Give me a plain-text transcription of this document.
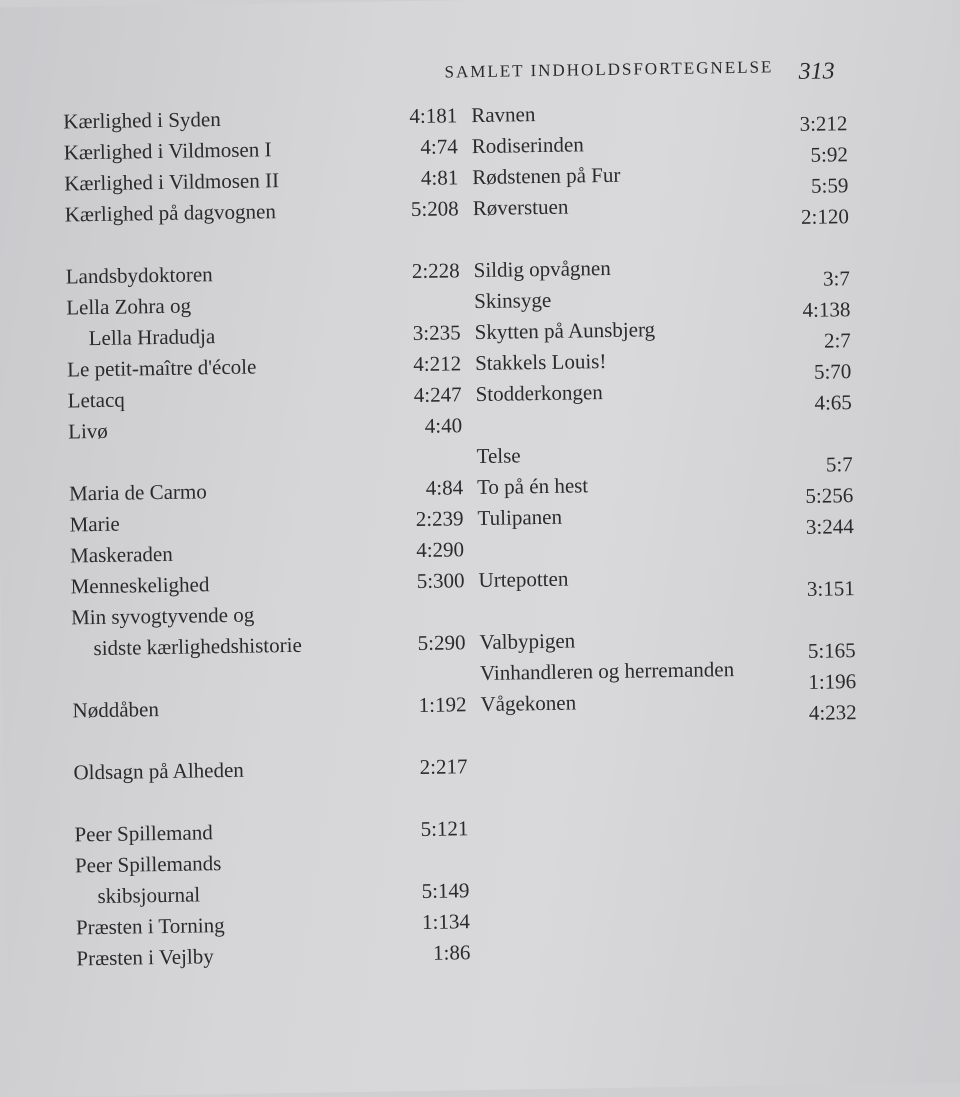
SAMLET INDHOLDSFORTEGNELSE 313
Kærlighed i Syden	4:181
Kærlighed i Vildmosen I	4:74
Kærlighed i Vildmosen II	4:81
Kærlighed på dagvognen	5:208
Landsbydoktoren	2:228
Lella Zohra og
Lella Hradudja	3:235
Le petit-maître d'école	4:212
Letacq	4:247
Livø	4:40
Maria de Carmo	4:84
Marie	2:239
Maskeraden	4:290
Menneskelighed	5:300
Min syvogtyvende og
sidste kærlighedshistorie	5:290
Nøddåben	1:192
Oldsagn på Alheden	2:217
Peer Spillemand	5:121
Peer Spillemands
skibsjournal	5:149
Præsten i Torning	1:134
Præsten i Vejlby	1:86
Ravnen	3:212
Rodiserinden	5:92
Rødstenen på Fur	5:59
Røverstuen	2:120
Sildig opvågnen	3:7
Skinsyge	4:138
Skytten på Aunsbjerg	2:7
Stakkels Louis!	5:70
Stodderkongen	4:65
Telse	5:7
To på én hest	5:256
Tulipanen	3:244
Urtepotten	3:151
Valbypigen	5:165
Vinhandleren og herremanden	1:196
Vågekonen	4:232
